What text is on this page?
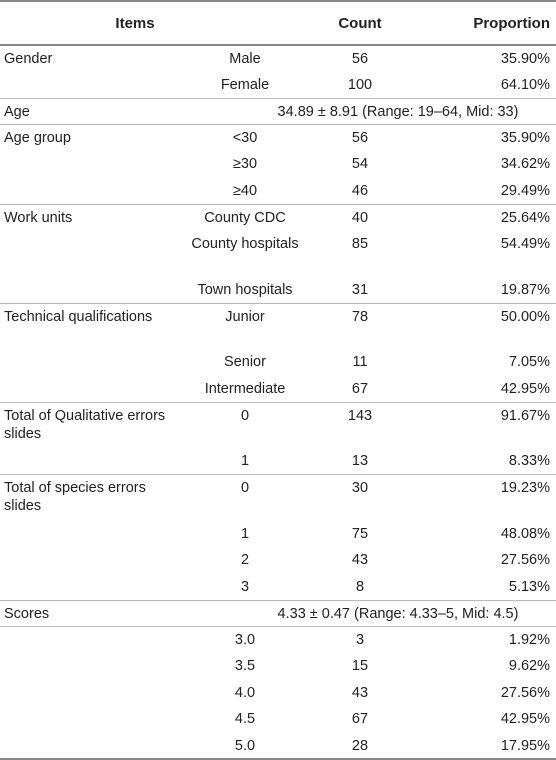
Items		Count	Proportion
Gender	Male	56	35.90%
	Female	100	64.10%
Age	34.89 ± 8.91 (Range: 19–64, Mid: 33)		
Age group	<30	56	35.90%
	≥30	54	34.62%
	≥40	46	29.49%
Work units	County CDC	40	25.64%
	County hospitals	85	54.49%
	Town hospitals	31	19.87%
Technical qualifications	Junior	78	50.00%
	Senior	11	7.05%
	Intermediate	67	42.95%
Total of Qualitative errors slides	0	143	91.67%
	1	13	8.33%
Total of species errors slides	0	30	19.23%
	1	75	48.08%
	2	43	27.56%
	3	8	5.13%
Scores	4.33 ± 0.47 (Range: 4.33–5, Mid: 4.5)		
	3.0	3	1.92%
	3.5	15	9.62%
	4.0	43	27.56%
	4.5	67	42.95%
	5.0	28	17.95%
